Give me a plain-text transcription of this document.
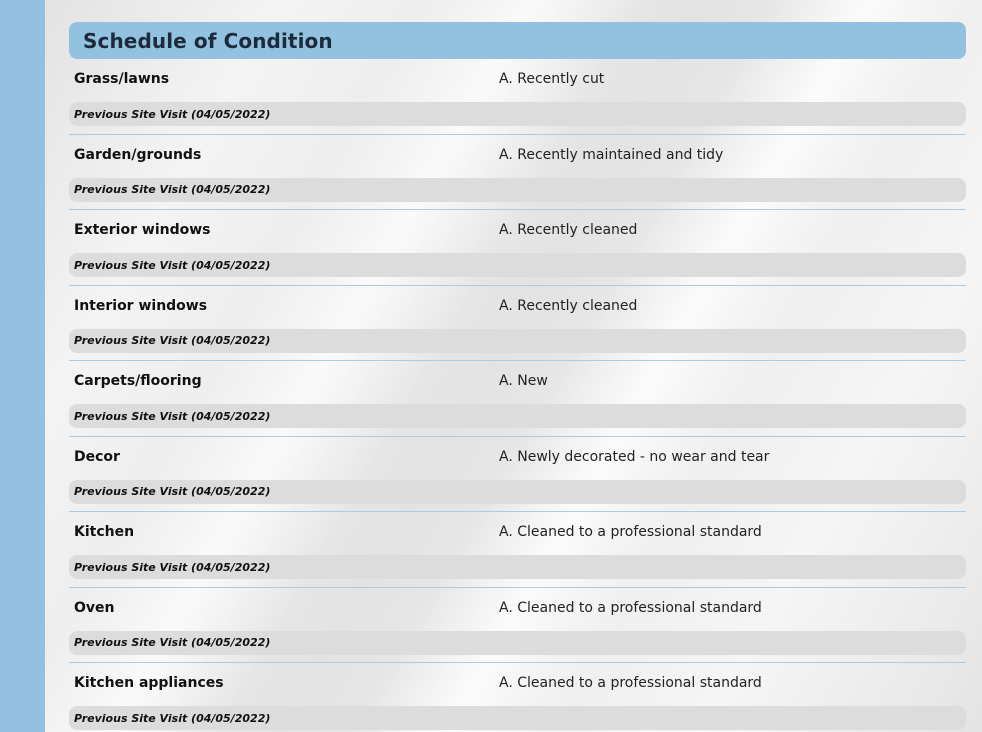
Schedule of Condition
Grass/lawns	A. Recently cut
Previous Site Visit (04/05/2022)
Garden/grounds	A. Recently maintained and tidy
Previous Site Visit (04/05/2022)
Exterior windows	A. Recently cleaned
Previous Site Visit (04/05/2022)
Interior windows	A. Recently cleaned
Previous Site Visit (04/05/2022)
Carpets/flooring	A. New
Previous Site Visit (04/05/2022)
Decor	A. Newly decorated - no wear and tear
Previous Site Visit (04/05/2022)
Kitchen	A. Cleaned to a professional standard
Previous Site Visit (04/05/2022)
Oven	A. Cleaned to a professional standard
Previous Site Visit (04/05/2022)
Kitchen appliances	A. Cleaned to a professional standard
Previous Site Visit (04/05/2022)
